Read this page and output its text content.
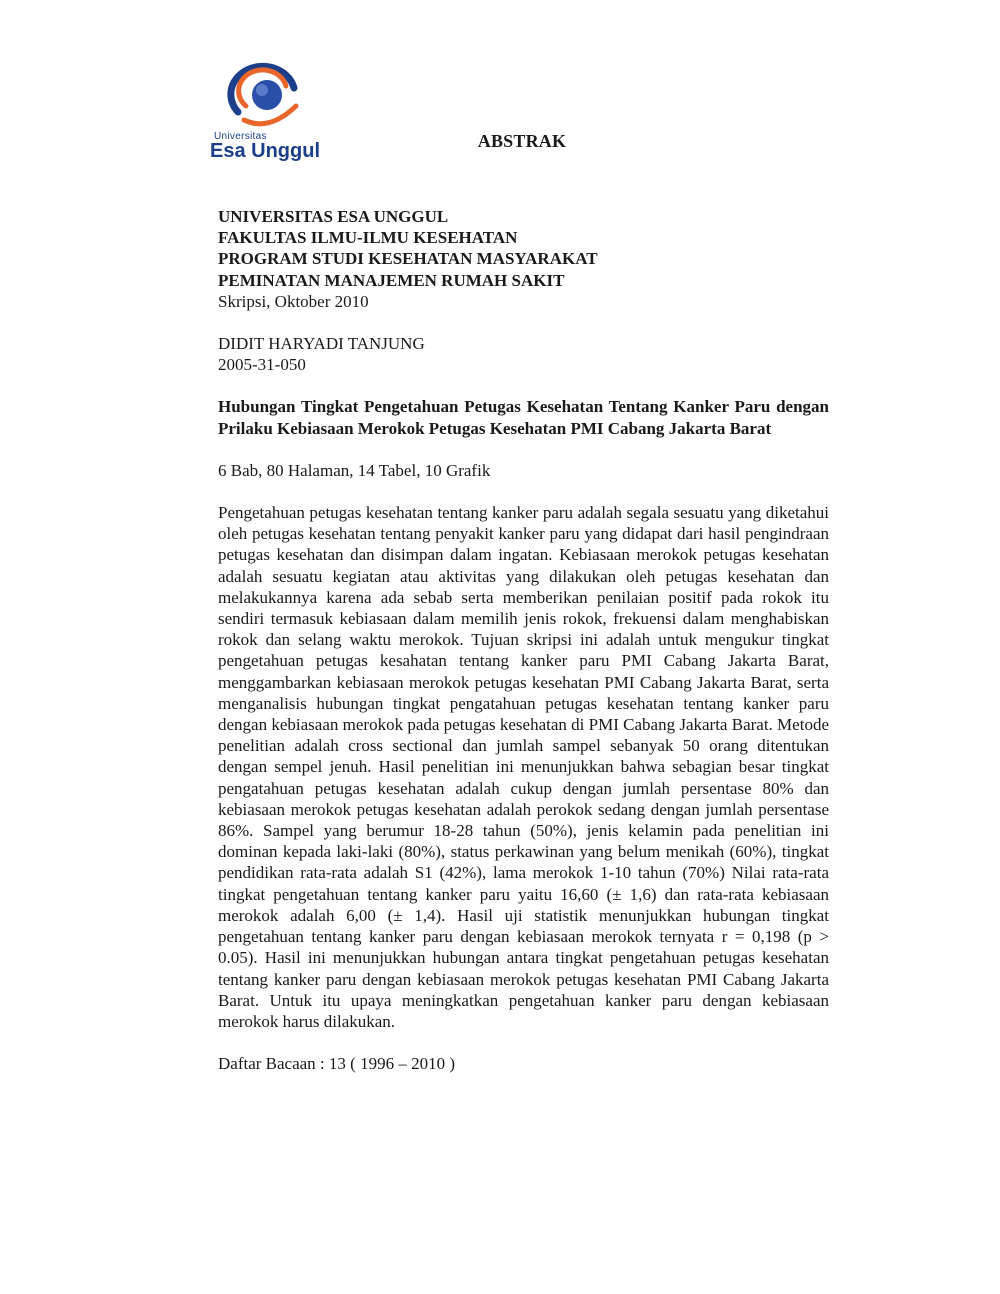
Universitas
Esa Unggul	ABSTRAK

UNIVERSITAS ESA UNGGUL

FAKULTAS ILMU-ILMU KESEHATAN

PROGRAM STUDI KESEHATAN MASYARAKAT

PEMINATAN MANAJEMEN RUMAH SAKIT

Skripsi, Oktober 2010

DIDIT HARYADI TANJUNG

2005-31-050

Hubungan Tingkat Pengetahuan Petugas Kesehatan Tentang Kanker Paru dengan Prilaku Kebiasaan Merokok Petugas Kesehatan PMI Cabang Jakarta Barat

6 Bab, 80 Halaman, 14 Tabel, 10 Grafik

Pengetahuan petugas kesehatan tentang kanker paru adalah segala sesuatu yang diketahui oleh petugas kesehatan tentang penyakit kanker paru yang didapat dari hasil pengindraan petugas kesehatan dan disimpan dalam ingatan. Kebiasaan merokok petugas kesehatan adalah sesuatu kegiatan atau aktivitas yang dilakukan oleh petugas kesehatan dan melakukannya karena ada sebab serta memberikan penilaian positif pada rokok itu sendiri termasuk kebiasaan dalam memilih jenis rokok, frekuensi dalam menghabiskan rokok dan selang waktu merokok. Tujuan skripsi ini adalah untuk mengukur tingkat pengetahuan petugas kesahatan tentang kanker paru PMI Cabang Jakarta Barat, menggambarkan kebiasaan merokok petugas kesehatan PMI Cabang Jakarta Barat, serta menganalisis hubungan tingkat pengatahuan petugas kesehatan tentang kanker paru dengan kebiasaan merokok pada petugas kesehatan di PMI Cabang Jakarta Barat. Metode penelitian adalah cross sectional dan jumlah sampel sebanyak 50 orang ditentukan dengan sempel jenuh. Hasil penelitian ini menunjukkan bahwa sebagian besar tingkat pengatahuan petugas kesehatan adalah cukup dengan jumlah persentase 80% dan kebiasaan merokok petugas kesehatan adalah perokok sedang dengan jumlah persentase 86%. Sampel yang berumur 18-28 tahun (50%), jenis kelamin pada penelitian ini dominan kepada laki-laki (80%), status perkawinan yang belum menikah (60%), tingkat pendidikan rata-rata adalah S1 (42%), lama merokok 1-10 tahun (70%) Nilai rata-rata tingkat pengetahuan tentang kanker paru yaitu 16,60 (± 1,6) dan rata-rata kebiasaan merokok adalah 6,00 (± 1,4). Hasil uji statistik menunjukkan hubungan tingkat pengetahuan tentang kanker paru dengan kebiasaan merokok ternyata r = 0,198 (p > 0.05). Hasil ini menunjukkan hubungan antara tingkat pengetahuan petugas kesehatan tentang kanker paru dengan kebiasaan merokok petugas kesehatan PMI Cabang Jakarta Barat. Untuk itu upaya meningkatkan pengetahuan kanker paru dengan kebiasaan merokok harus dilakukan.

Daftar Bacaan : 13 ( 1996 – 2010 )
